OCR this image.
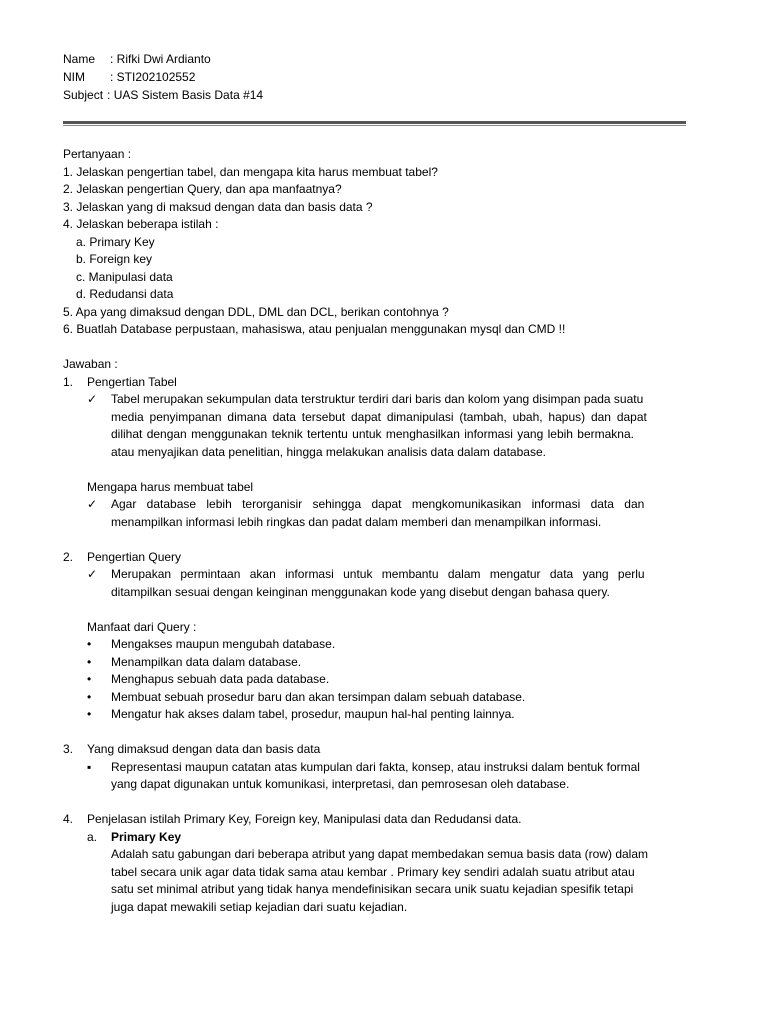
Name	: Rifki Dwi Ardianto
NIM	: STI202102552
Subject : UAS Sistem Basis Data #14
Pertanyaan :
1. Jelaskan pengertian tabel, dan mengapa kita harus membuat tabel?
2. Jelaskan pengertian Query, dan apa manfaatnya?
3. Jelaskan yang di maksud dengan data dan basis data ?
4. Jelaskan beberapa istilah :
a. Primary Key
b. Foreign key
c. Manipulasi data
d. Redudansi data
5. Apa yang dimaksud dengan DDL, DML dan DCL, berikan contohnya ?
6. Buatlah Database perpustaan, mahasiswa, atau penjualan menggunakan mysql dan CMD !!
Jawaban :
1.	Pengertian Tabel
✓	Tabel merupakan sekumpulan data terstruktur terdiri dari baris dan kolom yang disimpan pada suatu
media penyimpanan dimana data tersebut dapat dimanipulasi (tambah, ubah, hapus) dan dapat
dilihat dengan menggunakan teknik tertentu untuk menghasilkan informasi yang lebih bermakna.
atau menyajikan data penelitian, hingga melakukan analisis data dalam database.
Mengapa harus membuat tabel
✓	Agar database lebih terorganisir sehingga dapat mengkomunikasikan informasi data dan
menampilkan informasi lebih ringkas dan padat dalam memberi dan menampilkan informasi.
2.	Pengertian Query
✓	Merupakan permintaan akan informasi untuk membantu dalam mengatur data yang perlu
ditampilkan sesuai dengan keinginan menggunakan kode yang disebut dengan bahasa query.
Manfaat dari Query :
•	Mengakses maupun mengubah database.
•	Menampilkan data dalam database.
•	Menghapus sebuah data pada database.
•	Membuat sebuah prosedur baru dan akan tersimpan dalam sebuah database.
•	Mengatur hak akses dalam tabel, prosedur, maupun hal-hal penting lainnya.
3.	Yang dimaksud dengan data dan basis data
▪	Representasi maupun catatan atas kumpulan dari fakta, konsep, atau instruksi dalam bentuk formal
yang dapat digunakan untuk komunikasi, interpretasi, dan pemrosesan oleh database.
4.	Penjelasan istilah Primary Key, Foreign key, Manipulasi data dan Redudansi data.
a.	Primary Key
Adalah satu gabungan dari beberapa atribut yang dapat membedakan semua basis data (row) dalam
tabel secara unik agar data tidak sama atau kembar . Primary key sendiri adalah suatu atribut atau
satu set minimal atribut yang tidak hanya mendefinisikan secara unik suatu kejadian spesifik tetapi
juga dapat mewakili setiap kejadian dari suatu kejadian.
